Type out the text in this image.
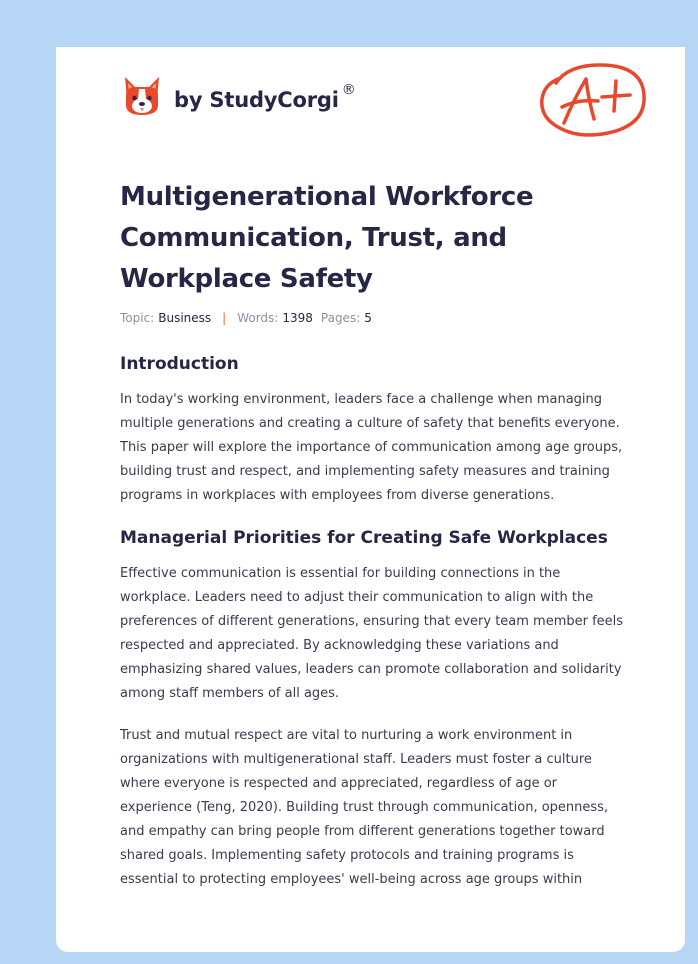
by StudyCorgi ®
Multigenerational Workforce Communication, Trust, and Workplace Safety
Topic: Business | Words: 1398 Pages: 5
Introduction

In today's working environment, leaders face a challenge when managing multiple generations and creating a culture of safety that benefits everyone. This paper will explore the importance of communication among age groups, building trust and respect, and implementing safety measures and training programs in workplaces with employees from diverse generations.

Managerial Priorities for Creating Safe Workplaces

Effective communication is essential for building connections in the workplace. Leaders need to adjust their communication to align with the preferences of different generations, ensuring that every team member feels respected and appreciated. By acknowledging these variations and emphasizing shared values, leaders can promote collaboration and solidarity among staff members of all ages.

Trust and mutual respect are vital to nurturing a work environment in organizations with multigenerational staff. Leaders must foster a culture where everyone is respected and appreciated, regardless of age or experience (Teng, 2020). Building trust through communication, openness, and empathy can bring people from different generations together toward shared goals. Implementing safety protocols and training programs is essential to protecting employees' well-being across age groups within
